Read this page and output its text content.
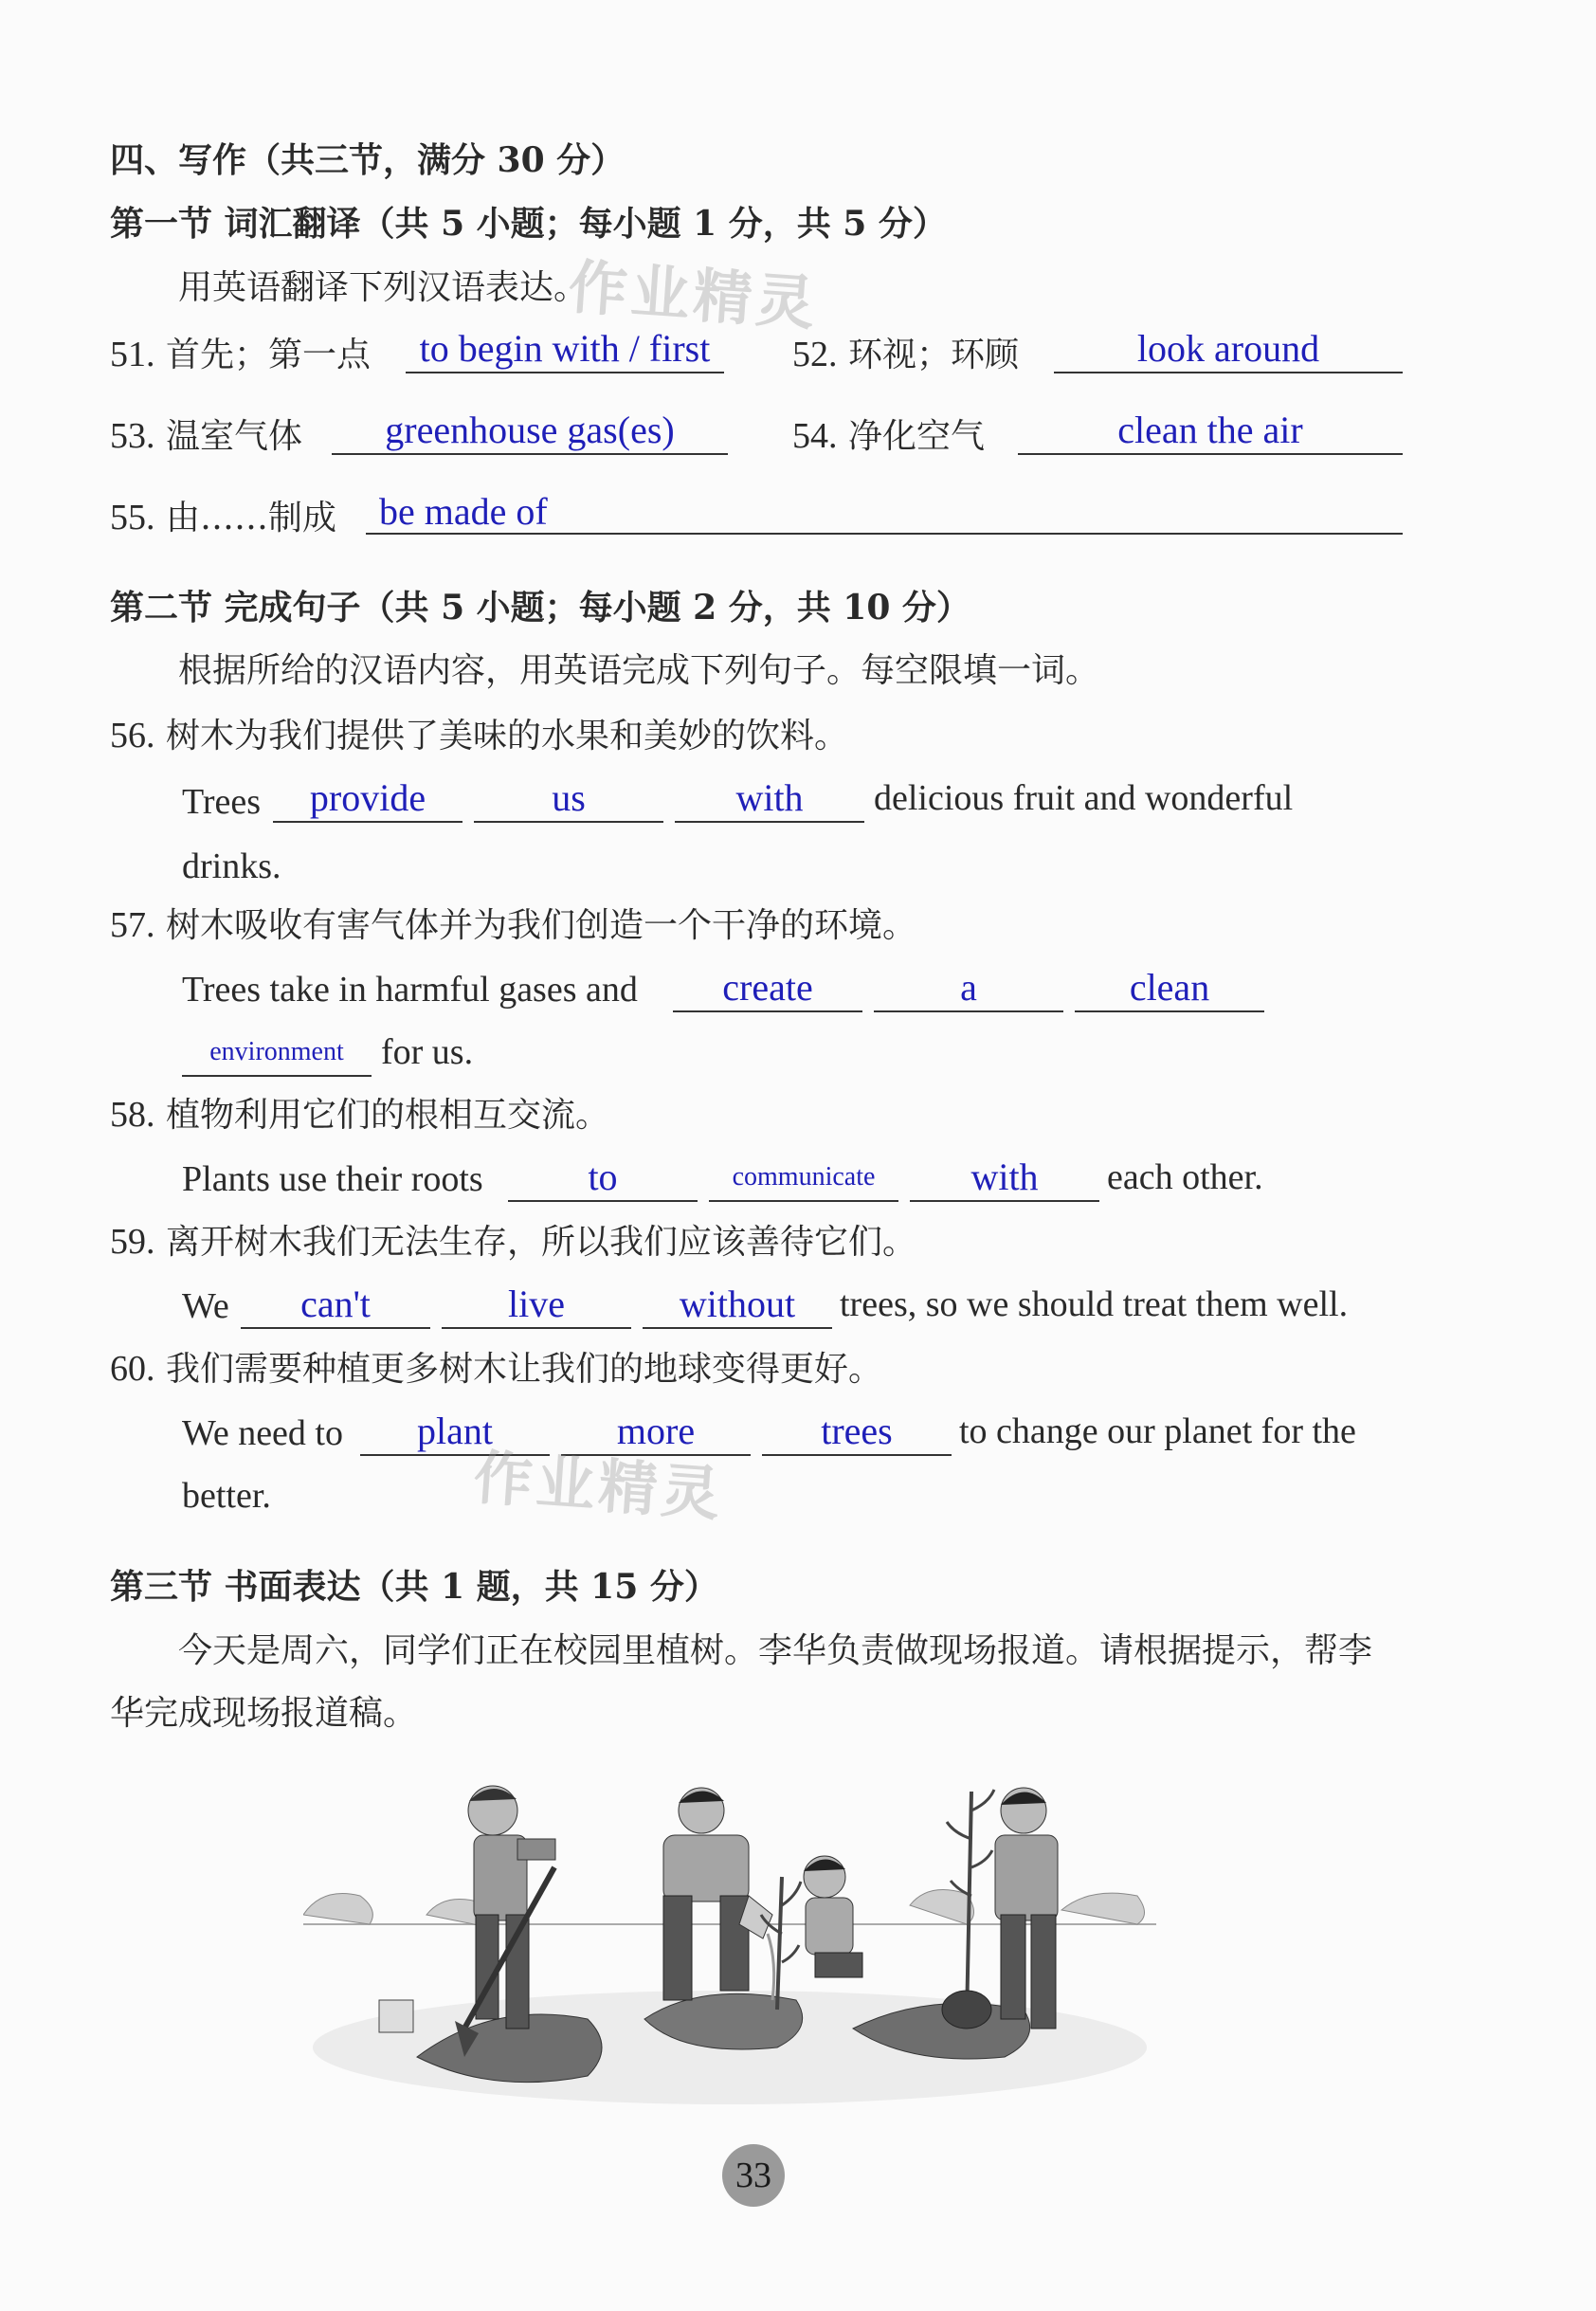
四、写作（共三节，满分 30 分）
第一节 词汇翻译（共 5 小题；每小题 1 分，共 5 分）
用英语翻译下列汉语表达。
作业精灵
51. 首先；第一点	to begin with / first	52. 环视；环顾	look around
53. 温室气体	greenhouse gas(es)	54. 净化空气	clean the air
55. 由……制成	be made of
第二节 完成句子（共 5 小题；每小题 2 分，共 10 分）
根据所给的汉语内容，用英语完成下列句子。每空限填一词。
56. 树木为我们提供了美味的水果和美妙的饮料。
Trees	provide	us	with	delicious fruit and wonderful
drinks.
57. 树木吸收有害气体并为我们创造一个干净的环境。
Trees take in harmful gases and	create	a	clean
environment	for us.
58. 植物利用它们的根相互交流。
Plants use their roots	to	communicate	with	each other.
59. 离开树木我们无法生存，所以我们应该善待它们。
We	can't	live	without	trees, so we should treat them well.
60. 我们需要种植更多树木让我们的地球变得更好。
We need to	plant	more	trees	to change our planet for the
better.	作业精灵
第三节 书面表达（共 1 题，共 15 分）
今天是周六，同学们正在校园里植树。李华负责做现场报道。请根据提示，帮李
华完成现场报道稿。
33
